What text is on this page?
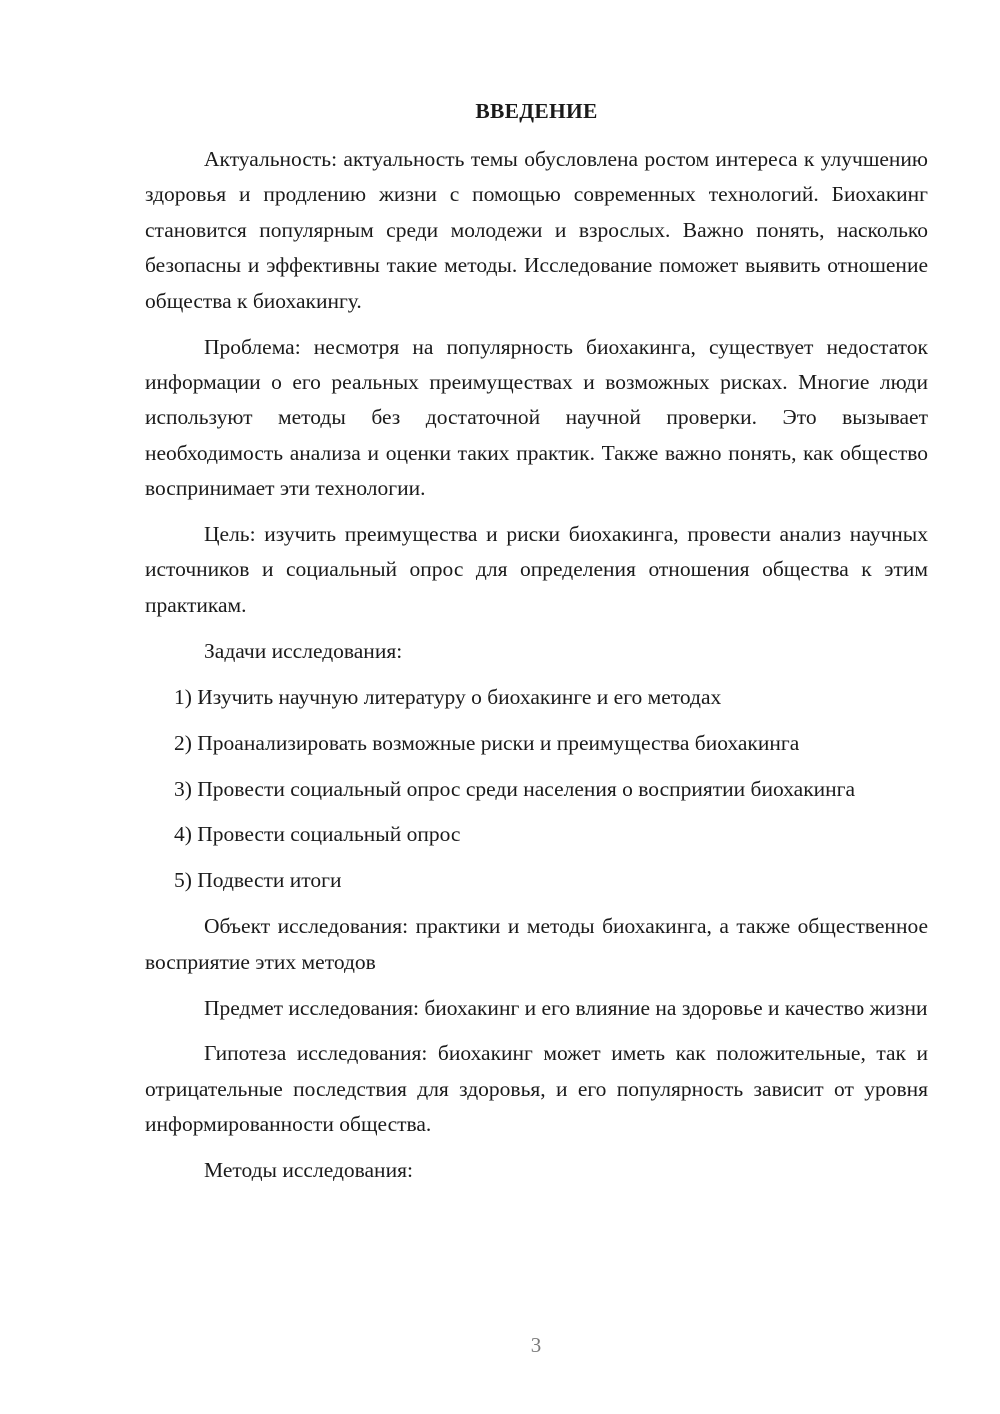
ВВЕДЕНИЕ

Актуальность: актуальность темы обусловлена ростом интереса к улучшению здоровья и продлению жизни с помощью современных технологий. Биохакинг становится популярным среди молодежи и взрослых. Важно понять, насколько безопасны и эффективны такие методы. Исследование поможет выявить отношение общества к биохакингу.

Проблема: несмотря на популярность биохакинга, существует недостаток информации о его реальных преимуществах и возможных рисках. Многие люди используют методы без достаточной научной проверки. Это вызывает необходимость анализа и оценки таких практик. Также важно понять, как общество воспринимает эти технологии.

Цель: изучить преимущества и риски биохакинга, провести анализ научных источников и социальный опрос для определения отношения общества к этим практикам.

Задачи исследования:

1) Изучить научную литературу о биохакинге и его методах

2) Проанализировать возможные риски и преимущества биохакинга

3) Провести социальный опрос среди населения о восприятии биохакинга

4) Провести социальный опрос

5) Подвести итоги

Объект исследования: практики и методы биохакинга, а также общественное восприятие этих методов

Предмет исследования: биохакинг и его влияние на здоровье и качество жизни

Гипотеза исследования: биохакинг может иметь как положительные, так и отрицательные последствия для здоровья, и его популярность зависит от уровня информированности общества.

Методы исследования:

3
